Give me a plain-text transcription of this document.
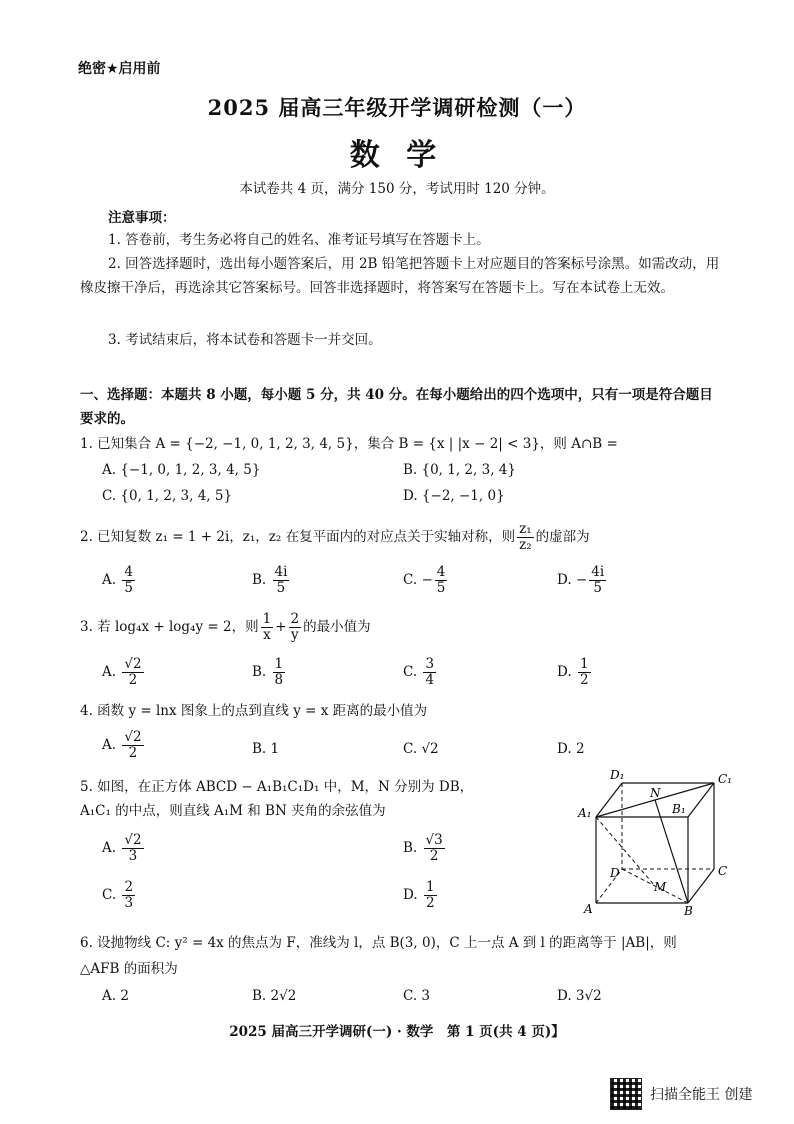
绝密★启用前
2025 届高三年级开学调研检测（一）
数 学
本试卷共 4 页，满分 150 分，考试用时 120 分钟。
注意事项：
1. 答卷前，考生务必将自己的姓名、准考证号填写在答题卡上。
2. 回答选择题时，选出每小题答案后，用 2B 铅笔把答题卡上对应题目的答案标号涂黑。如需改动，用橡皮擦干净后，再选涂其它答案标号。回答非选择题时，将答案写在答题卡上。写在本试卷上无效。
3. 考试结束后，将本试卷和答题卡一并交回。
一、选择题：本题共 8 小题，每小题 5 分，共 40 分。在每小题给出的四个选项中，只有一项是符合题目要求的。
1. 已知集合 A = {−2, −1, 0, 1, 2, 3, 4, 5}，集合 B = {x | |x − 2| < 3}，则 A∩B =
A. {−1, 0, 1, 2, 3, 4, 5}	B. {0, 1, 2, 3, 4}
C. {0, 1, 2, 3, 4, 5}	D. {−2, −1, 0}
2. 已知复数 z₁ = 1 + 2i，z₁，z₂ 在复平面内的对应点关于实轴对称，则 $\frac{\text{z₁}}{\text{z₂}}$ 的虚部为
A. $\frac{4}{5}$	B. $\frac{4i}{5}$	C. − $\frac{4}{5}$	D. − $\frac{4i}{5}$
3. 若 log₄x + log₄y = 2，则 $\frac{1}{x} + \frac{2}{y}$ 的最小值为
A. $\frac{√2}{2}$	B. $\frac{1}{8}$	C. $\frac{3}{4}$	D. $\frac{1}{2}$
4. 函数 y = lnx 图象上的点到直线 y = x 距离的最小值为
A. $\frac{√2}{2}$	B. 1	C. √2	D. 2
5. 如图，在正方体 ABCD − A₁B₁C₁D₁ 中，M，N 分别为 DB，A₁C₁ 的中点，则直线 A₁M 和 BN 夹角的余弦值为
A. $\frac{√2}{3}$	B. $\frac{√3}{2}$
C. $\frac{2}{3}$	D. $\frac{1}{2}$
D₁	C₁
A₁	B₁
N
D	C
M
A	B
6. 设抛物线 C: y² = 4x 的焦点为 F，准线为 l，点 B(3, 0)，C 上一点 A 到 l 的距离等于 |AB|，则 △AFB 的面积为
A. 2	B. 2√2	C. 3	D. 3√2
2025 届高三开学调研(一) · 数学　第 1 页(共 4 页)】
扫描全能王 创建
